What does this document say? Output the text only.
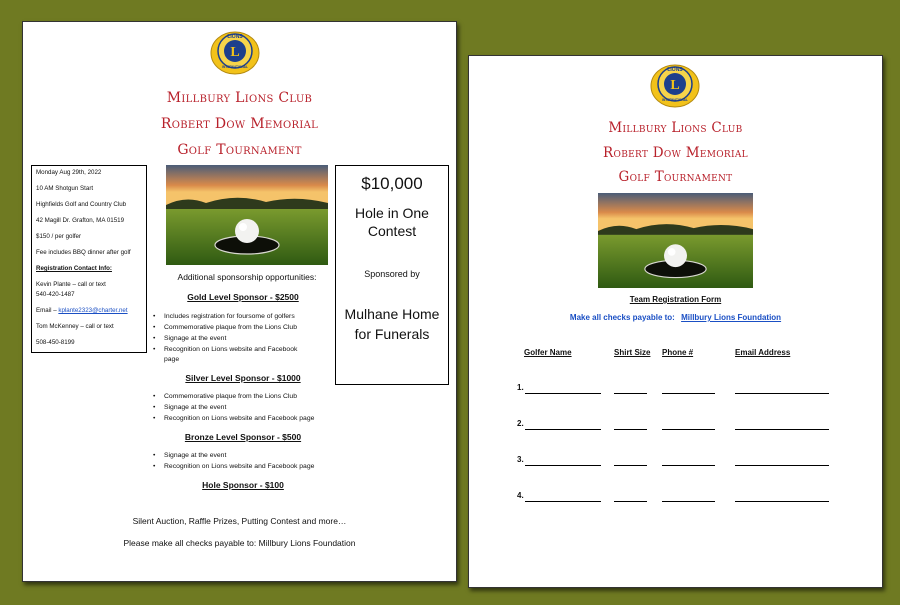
L
LIONS
INTERNATIONAL
Millbury Lions Club
Robert Dow Memorial
Golf Tournament
Monday Aug 29th, 2022
10 AM Shotgun Start
Highfields Golf and Country Club
42 Magill Dr. Grafton, MA 01519
$150 / per golfer
Fee includes BBQ dinner after golf
Registration Contact Info:
Kevin Plante – call or text
540-420-1487
Email – kplante2323@charter.net
Tom McKenney – call or text
508-450-8199
$10,000
Hole in One
Contest
Sponsored by
Mulhane Home
for Funerals
Additional sponsorship opportunities:
Gold Level Sponsor - $2500
• Includes registration for foursome of golfers
• Commemorative plaque from the Lions Club
• Signage at the event
• Recognition on Lions website and Facebook
page
Silver Level Sponsor - $1000
• Commemorative plaque from the Lions Club
• Signage at the event
• Recognition on Lions website and Facebook page
Bronze Level Sponsor - $500
• Signage at the event
• Recognition on Lions website and Facebook page
Hole Sponsor - $100
Silent Auction, Raffle Prizes, Putting Contest and more…
Please make all checks payable to: Millbury Lions Foundation
L
LIONS
INTERNATIONAL
Millbury Lions Club
Robert Dow Memorial
Golf Tournament
Team Registration Form
Make all checks payable to: Millbury Lions Foundation
Golfer Name	Shirt Size Phone #	Email Address
1.
2.
3.
4.
